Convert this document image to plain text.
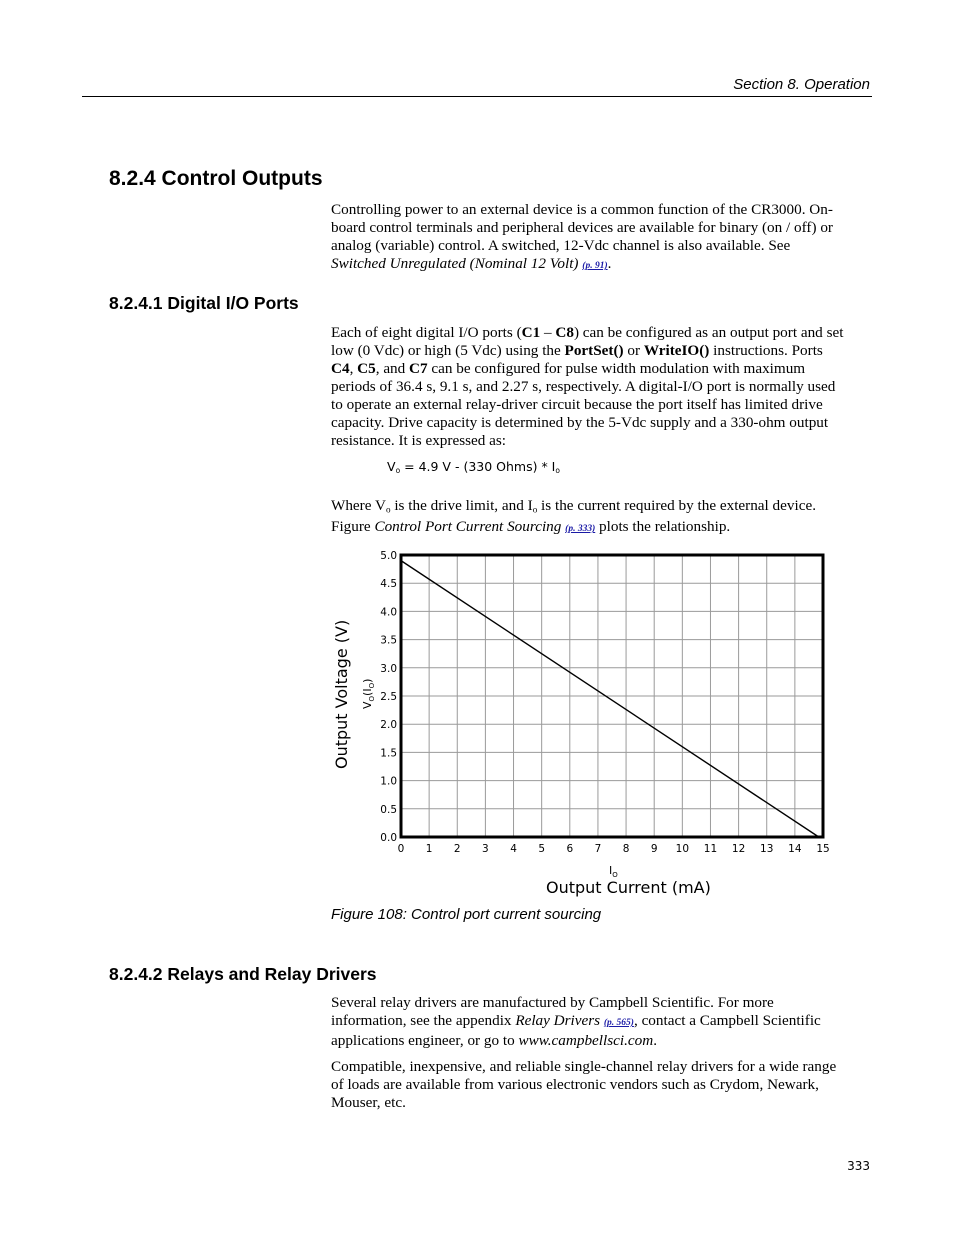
Section 8. Operation
8.2.4 Control Outputs

Controlling power to an external device is a common function of the CR3000. On-board control terminals and peripheral devices are available for binary (on / off) or analog (variable) control. A switched, 12-Vdc channel is also available. See Switched Unregulated (Nominal 12 Volt) (p. 91).

8.2.4.1 Digital I/O Ports

Each of eight digital I/O ports (C1 – C8) can be configured as an output port and set low (0 Vdc) or high (5 Vdc) using the PortSet() or WriteIO() instructions. Ports C4, C5, and C7 can be configured for pulse width modulation with maximum periods of 36.4 s, 9.1 s, and 2.27 s, respectively. A digital-I/O port is normally used to operate an external relay-driver circuit because the port itself has limited drive capacity. Drive capacity is determined by the 5-Vdc supply and a 330-ohm output resistance. It is expressed as:

$V_o = 4.9$ V - (330 Ohms) * $I_o$

Where $V_o$ is the drive limit, and $I_o$ is the current required by the external device. Figure Control Port Current Sourcing (p. 333) plots the relationship.

0.0
0.5
1.0
1.5
2.0
2.5
3.0
3.5
4.0
4.5
5.0
0 1 2 3 4 5 6 7 8 9 10 11 12 13 14 15
Output Voltage (V) $V_O(I_O)$
$I_O$
Output Current (mA)
Figure 108: Control port current sourcing
8.2.4.2 Relays and Relay Drivers

Several relay drivers are manufactured by Campbell Scientific. For more information, see the appendix Relay Drivers (p. 565), contact a Campbell Scientific applications engineer, or go to www.campbellsci.com.

Compatible, inexpensive, and reliable single-channel relay drivers for a wide range of loads are available from various electronic vendors such as Crydom, Newark, Mouser, etc.

333
